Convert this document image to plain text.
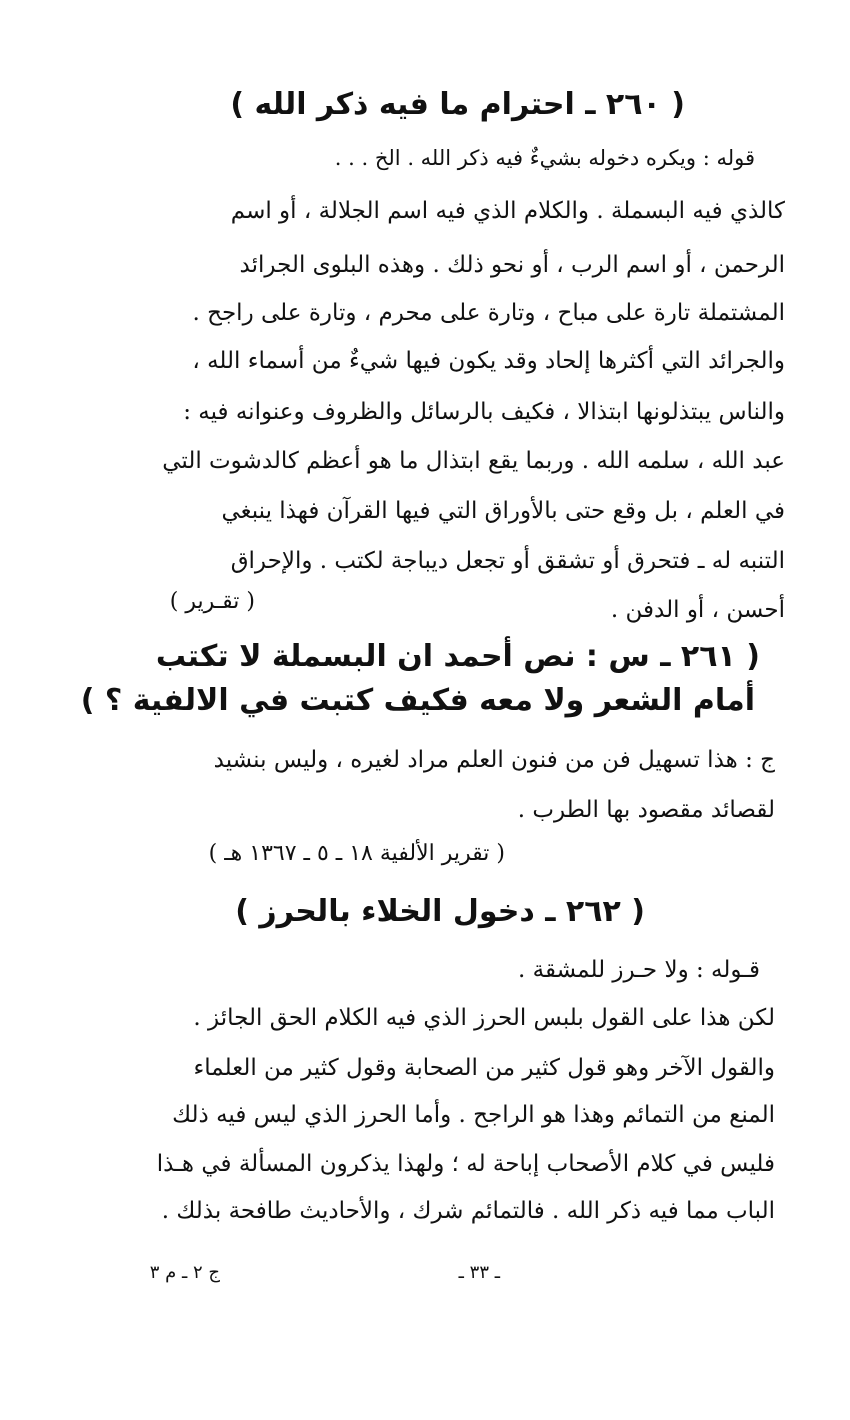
( ٢٦٠ ـ احترام ما فيه ذكر الله )
قوله : ويكره دخوله بشيءٌ فيه ذكر الله . الخ . . .
كالذي فيه البسملة . والكلام الذي فيه اسم الجلالة ، أو اسم
الرحمن ، أو اسم الرب ، أو نحو ذلك . وهذه البلوى الجرائد
المشتملة تارة على مباح ، وتارة على محرم ، وتارة على راجح .
والجرائد التي أكثرها إلحاد وقد يكون فيها شيءٌ من أسماء الله ،
والناس يبتذلونها ابتذالا ، فكيف بالرسائل والظروف وعنوانه فيه :
عبد الله ، سلمه الله . وربما يقع ابتذال ما هو أعظم كالدشوت التي
في العلم ، بل وقع حتى بالأوراق التي فيها القرآن فهذا ينبغي
التنبه له ـ فتحرق أو تشقق أو تجعل ديباجة لكتب . والإحراق
أحسن ، أو الدفن .
( تقـرير )
( ٢٦١ ـ س : نص أحمد ان البسملة لا تكتب
أمام الشعر ولا معه فكيف كتبت في الالفية ؟ )
ج : هذا تسهيل فن من فنون العلم مراد لغيره ، وليس بنشيد
لقصائد مقصود بها الطرب .
( تقرير الألفية ١٨ ـ ٥ ـ ١٣٦٧ هـ )
( ٢٦٢ ـ دخول الخلاء بالحرز )
قـوله : ولا حـرز للمشقة .
لكن هذا على القول بلبس الحرز الذي فيه الكلام الحق الجائز .
والقول الآخر وهو قول كثير من الصحابة وقول كثير من العلماء
المنع من التمائم وهذا هو الراجح . وأما الحرز الذي ليس فيه ذلك
فليس في كلام الأصحاب إباحة له ؛ ولهذا يذكرون المسألة في هـذا
الباب مما فيه ذكر الله . فالتمائم شرك ، والأحاديث طافحة بذلك .
ج ٢ ـ م ٣	ـ ٣٣ ـ
